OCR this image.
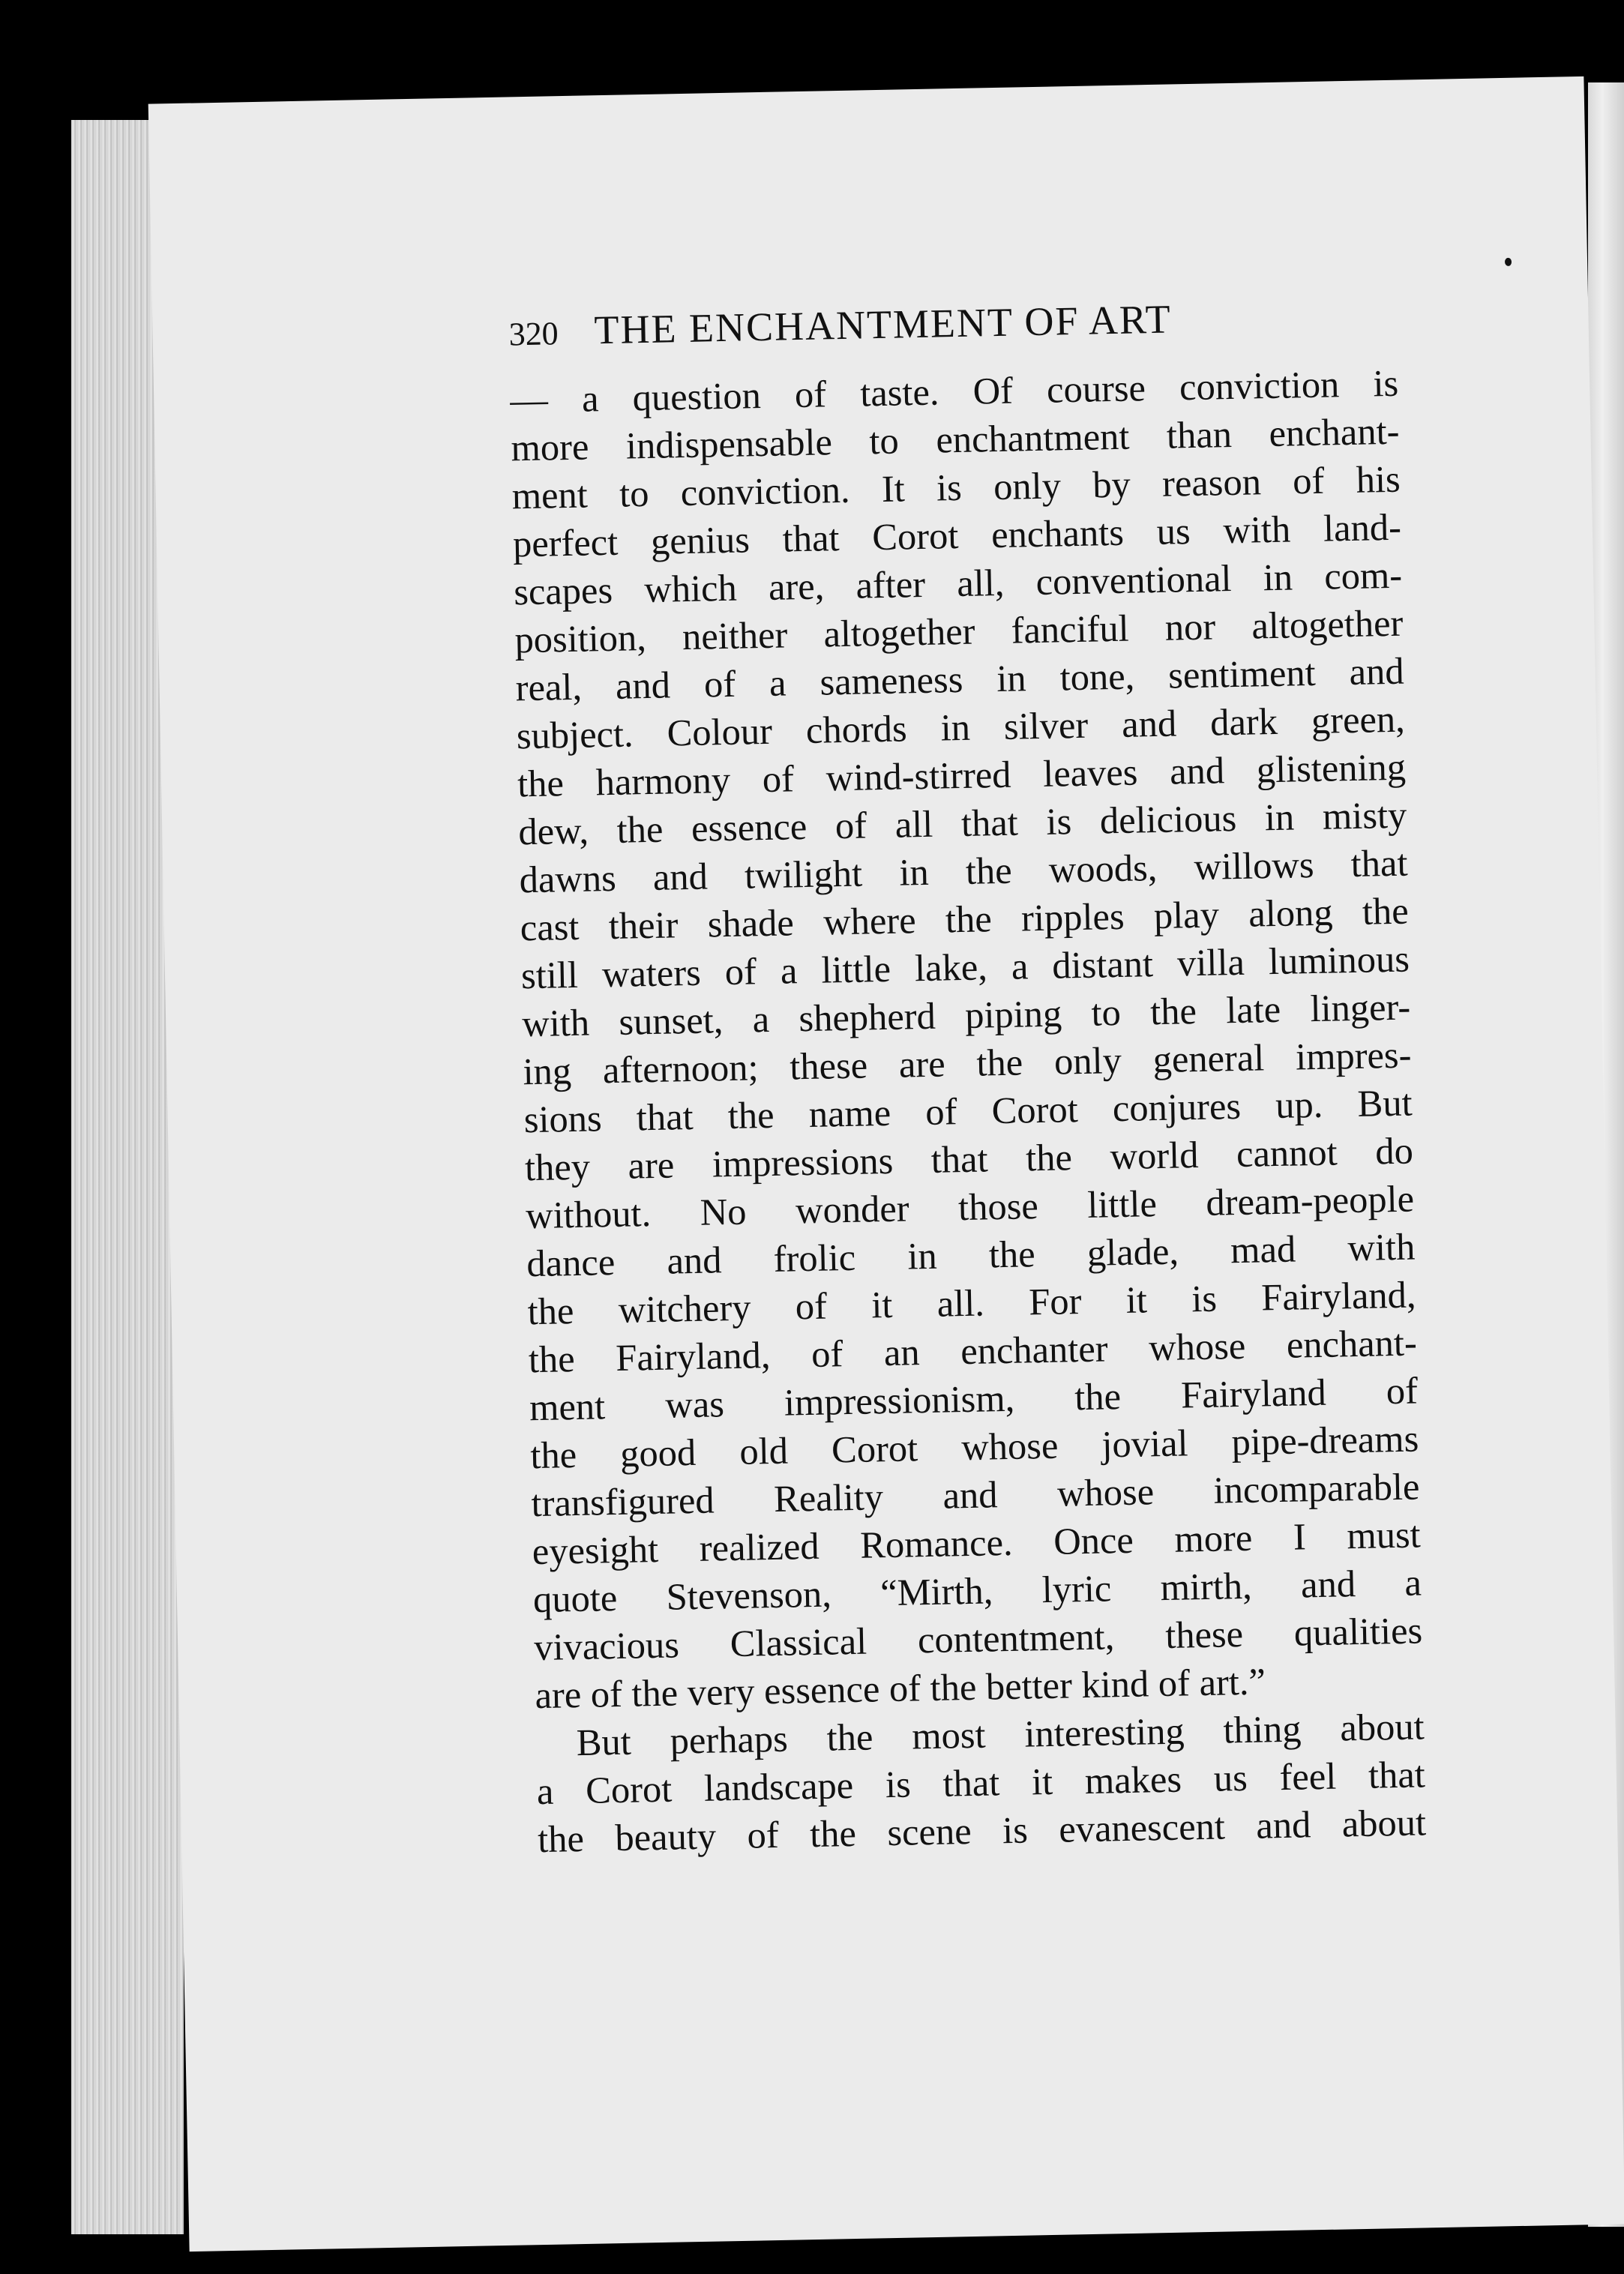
320 THE ENCHANTMENT OF ART
— a question of taste. Of course conviction is
more indispensable to enchantment than enchant-
ment to conviction. It is only by reason of his
perfect genius that Corot enchants us with land-
scapes which are, after all, conventional in com-
position, neither altogether fanciful nor altogether
real, and of a sameness in tone, sentiment and
subject. Colour chords in silver and dark green,
the harmony of wind-stirred leaves and glistening
dew, the essence of all that is delicious in misty
dawns and twilight in the woods, willows that
cast their shade where the ripples play along the
still waters of a little lake, a distant villa luminous
with sunset, a shepherd piping to the late linger-
ing afternoon; these are the only general impres-
sions that the name of Corot conjures up. But
they are impressions that the world cannot do
without. No wonder those little dream-people
dance and frolic in the glade, mad with
the witchery of it all. For it is Fairyland,
the Fairyland, of an enchanter whose enchant-
ment was impressionism, the Fairyland of
the good old Corot whose jovial pipe-dreams
transfigured Reality and whose incomparable
eyesight realized Romance. Once more I must
quote Stevenson, “Mirth, lyric mirth, and a
vivacious Classical contentment, these qualities
are of the very essence of the better kind of art.”
But perhaps the most interesting thing about
a Corot landscape is that it makes us feel that
the beauty of the scene is evanescent and about
